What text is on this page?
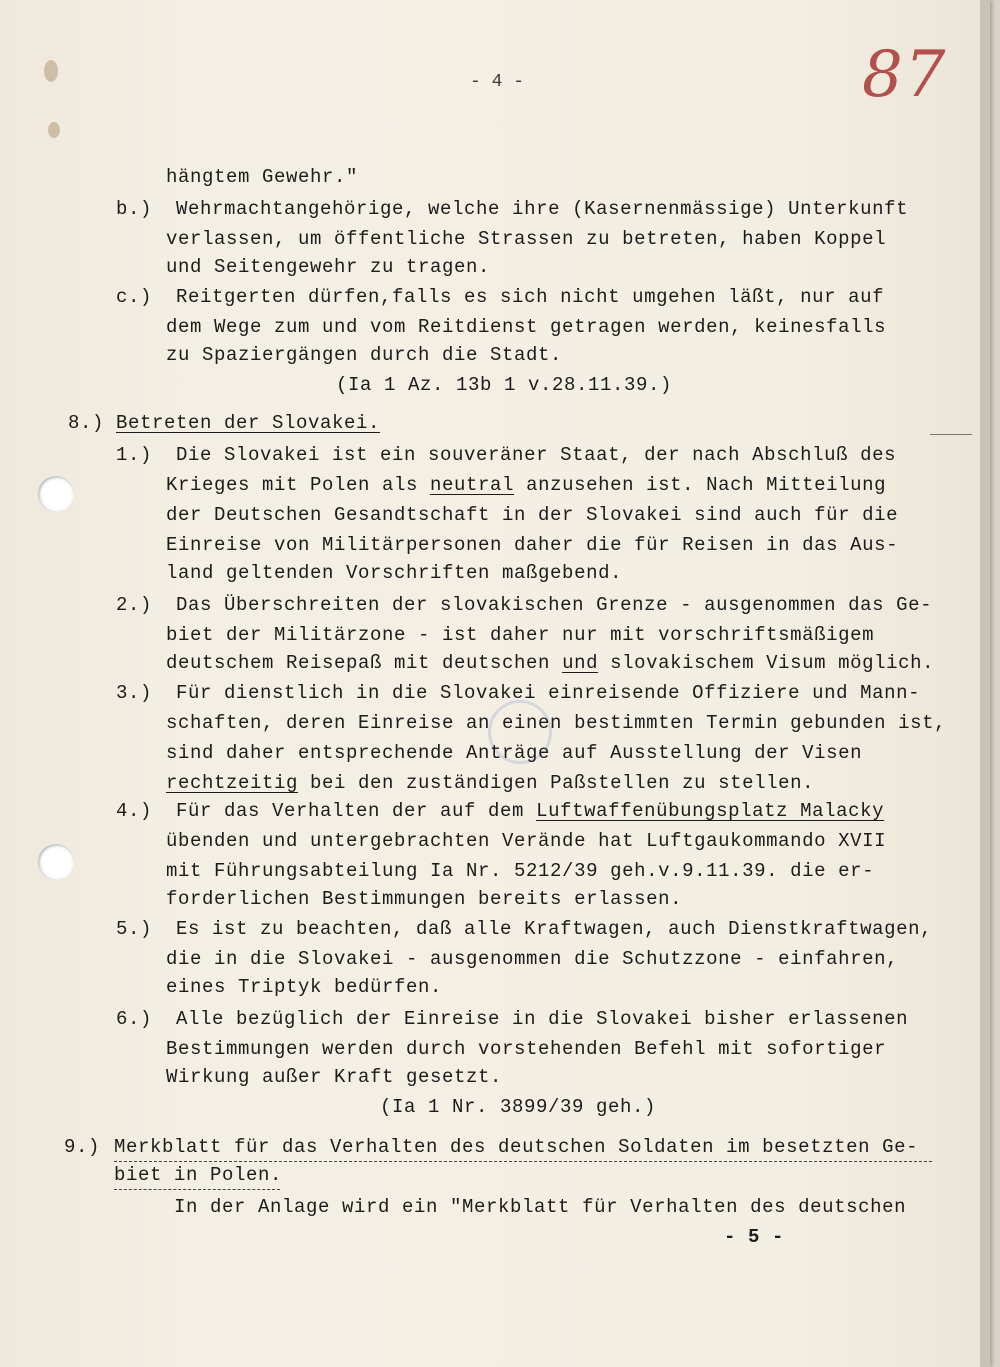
- 4 -	87
hängtem Gewehr."
b.)  Wehrmachtangehörige, welche ihre (Kasernenmässige) Unterkunft
verlassen, um öffentliche Strassen zu betreten, haben Koppel
und Seitengewehr zu tragen.
c.)  Reitgerten dürfen,falls es sich nicht umgehen läßt, nur auf
dem Wege zum und vom Reitdienst getragen werden, keinesfalls
zu Spaziergängen durch die Stadt.
(Ia 1 Az. 13b 1 v.28.11.39.)
8.) Betreten der Slovakei.
1.)  Die Slovakei ist ein souveräner Staat, der nach Abschluß des
Krieges mit Polen als neutral anzusehen ist. Nach Mitteilung
der Deutschen Gesandtschaft in der Slovakei sind auch für die
Einreise von Militärpersonen daher die für Reisen in das Aus-
land geltenden Vorschriften maßgebend.
2.)  Das Überschreiten der slovakischen Grenze - ausgenommen das Ge-
biet der Militärzone - ist daher nur mit vorschriftsmäßigem
deutschem Reisepaß mit deutschen und slovakischem Visum möglich.
3.)  Für dienstlich in die Slovakei einreisende Offiziere und Mann-
schaften, deren Einreise an einen bestimmten Termin gebunden ist,
sind daher entsprechende Anträge auf Ausstellung der Visen
rechtzeitig bei den zuständigen Paßstellen zu stellen.
4.)  Für das Verhalten der auf dem Luftwaffenübungsplatz Malacky
übenden und untergebrachten Verände hat Luftgaukommando XVII
mit Führungsabteilung Ia Nr. 5212/39 geh.v.9.11.39. die er-
forderlichen Bestimmungen bereits erlassen.
5.)  Es ist zu beachten, daß alle Kraftwagen, auch Dienstkraftwagen,
die in die Slovakei - ausgenommen die Schutzzone - einfahren,
eines Triptyk bedürfen.
6.)  Alle bezüglich der Einreise in die Slovakei bisher erlassenen
Bestimmungen werden durch vorstehenden Befehl mit sofortiger
Wirkung außer Kraft gesetzt.
(Ia 1 Nr. 3899/39 geh.)
9.) Merkblatt für das Verhalten des deutschen Soldaten im besetzten Ge-
biet in Polen.
In der Anlage wird ein "Merkblatt für Verhalten des deutschen
- 5 -
